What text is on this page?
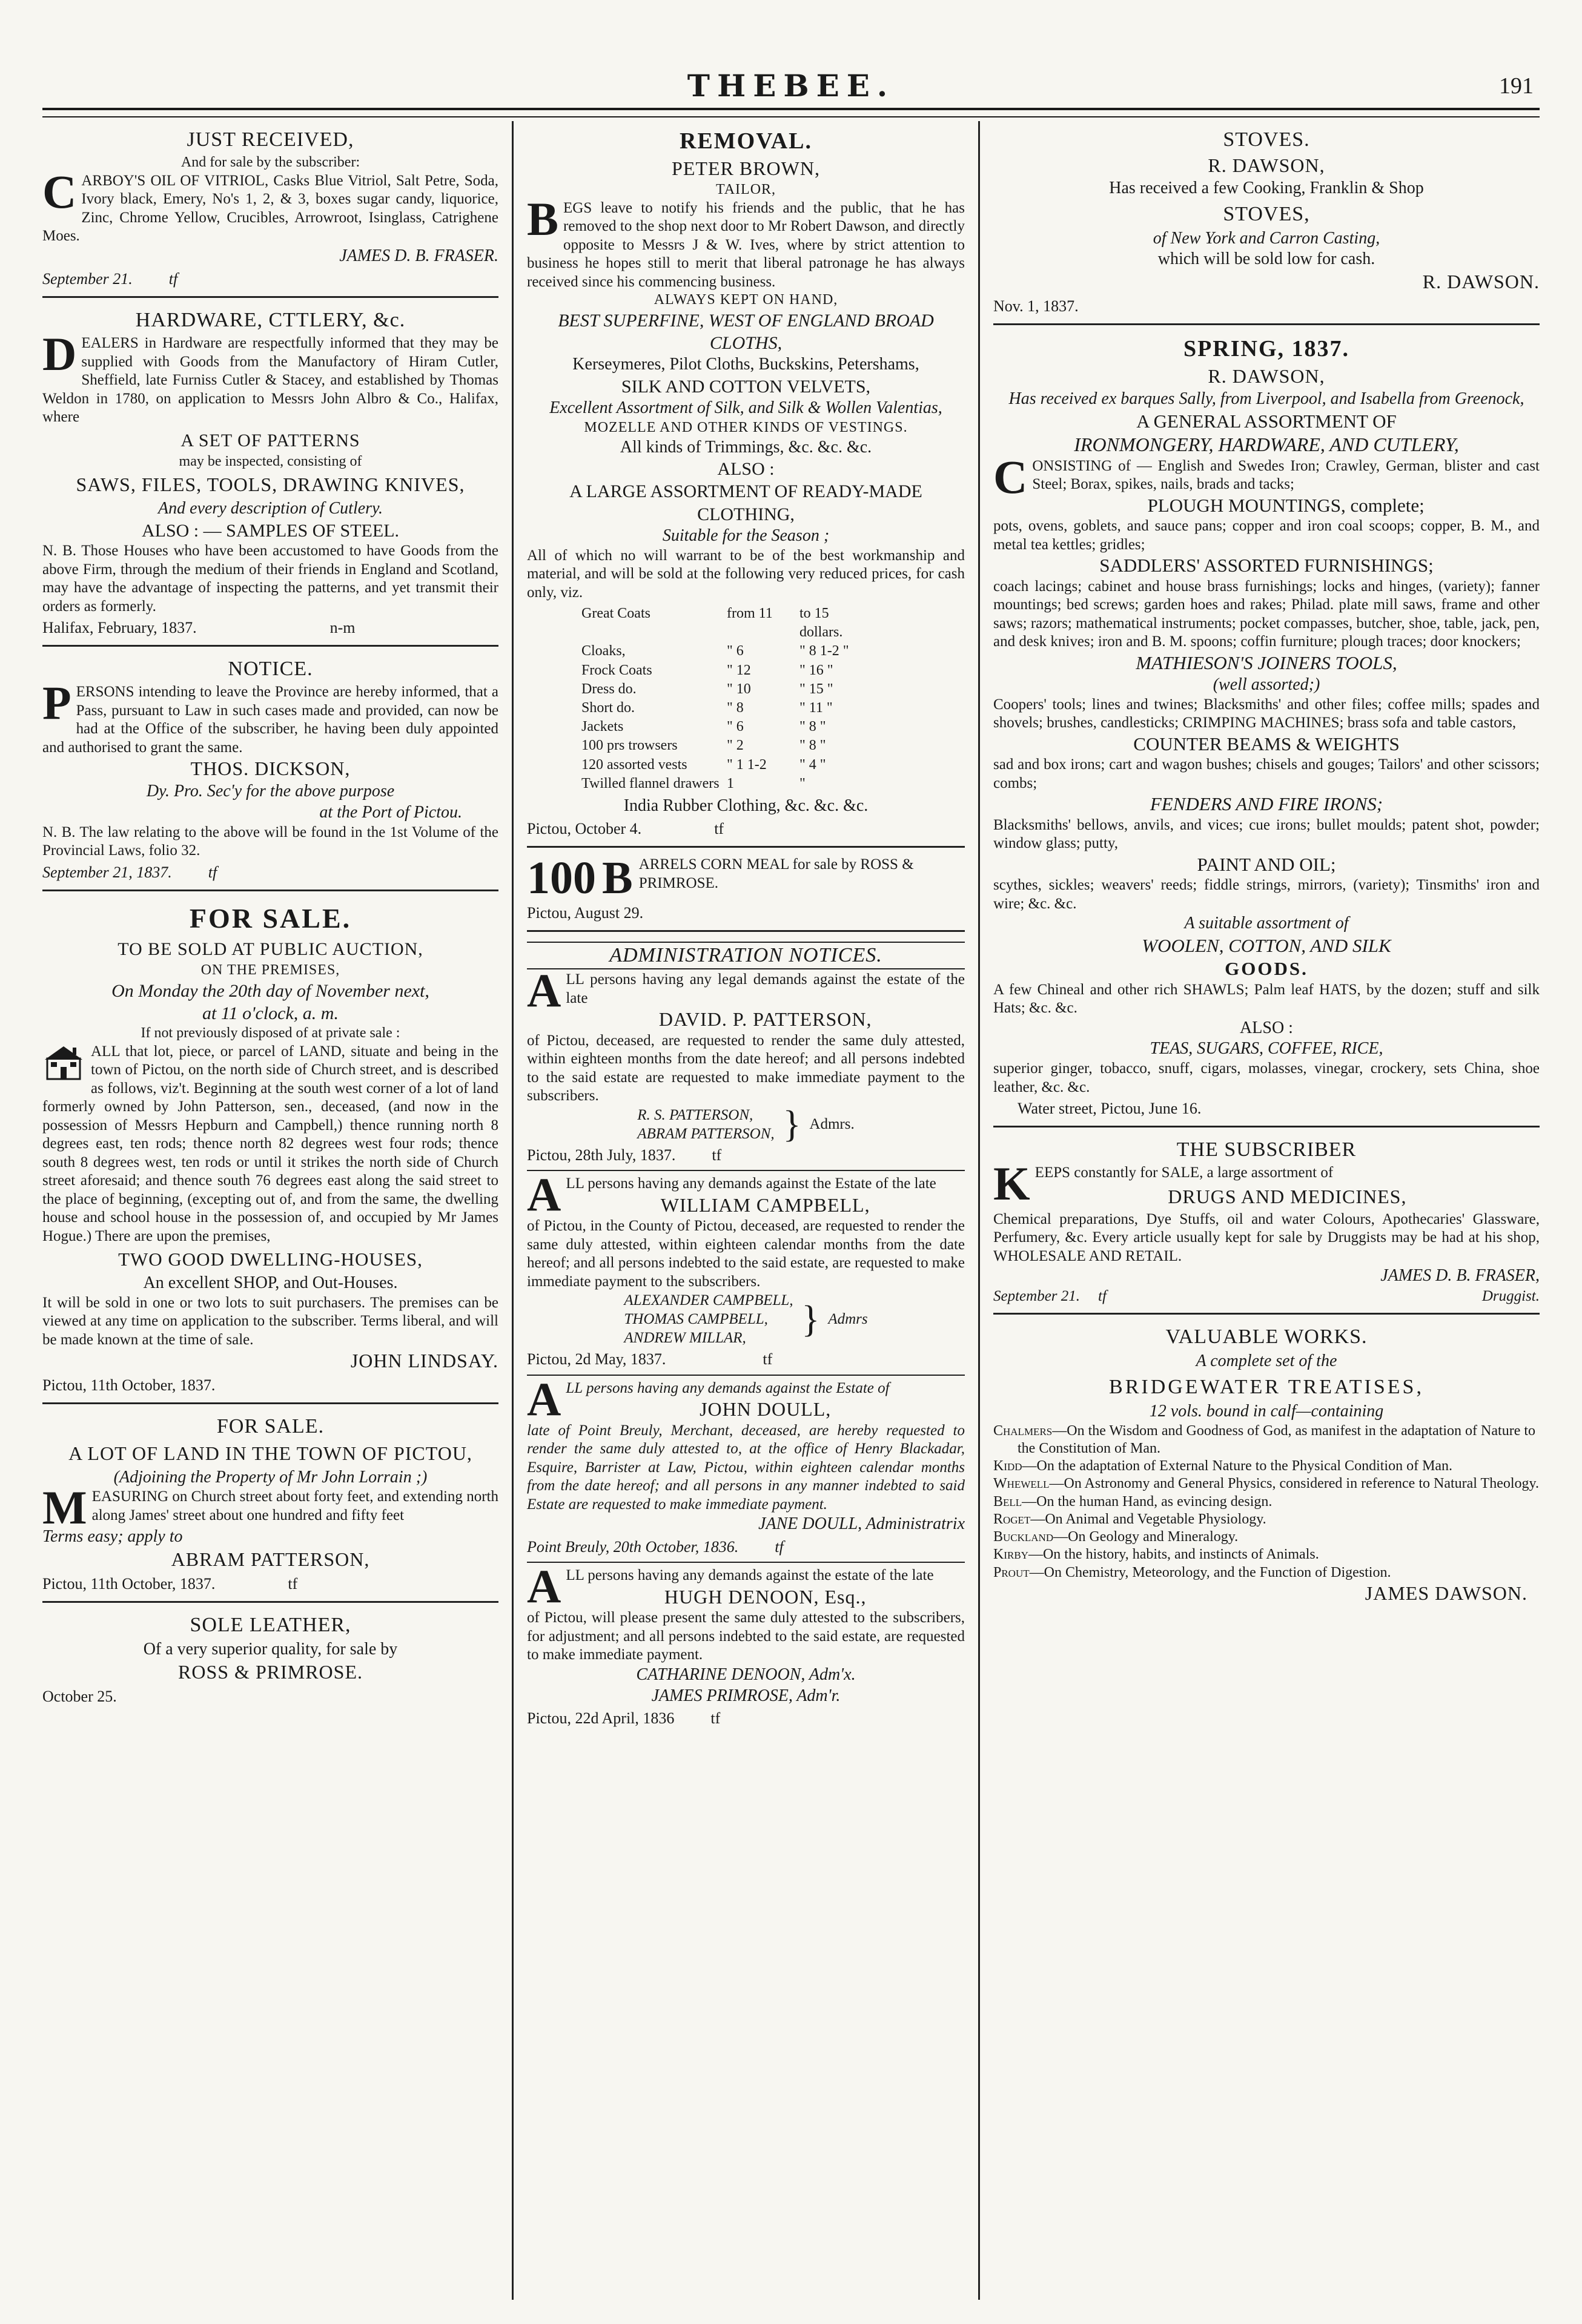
THEBEE.	191
JUST RECEIVED,
And for sale by the subscriber:
CARBOY'S OIL OF VITRIOL, Casks Blue Vitriol, Salt Petre, Soda, Ivory black, Emery, No's 1, 2, & 3, boxes sugar candy, liquorice, Zinc, Chrome Yellow, Crucibles, Arrowroot, Isinglass, Catrighene Moes.
JAMES D. B. FRASER.
September 21. tf
HARDWARE, CTTLERY, &c.
DEALERS in Hardware are respectfully informed that they may be supplied with Goods from the Manufactory of Hiram Cutler, Sheffield, late Furniss Cutler & Stacey, and established by Thomas Weldon in 1780, on application to Messrs John Albro & Co., Halifax, where
A SET OF PATTERNS
may be inspected, consisting of
SAWS, FILES, TOOLS, DRAWING KNIVES,
And every description of Cutlery.
ALSO : — SAMPLES OF STEEL.
N. B. Those Houses who have been accustomed to have Goods from the above Firm, through the medium of their friends in England and Scotland, may have the advantage of inspecting the patterns, and yet transmit their orders as formerly.
Halifax, February, 1837.	n-m
NOTICE.
PERSONS intending to leave the Province are hereby informed, that a Pass, pursuant to Law in such cases made and provided, can now be had at the Office of the subscriber, he having been duly appointed and authorised to grant the same.
THOS. DICKSON,
Dy. Pro. Sec'y for the above purpose
at the Port of Pictou.
N. B. The law relating to the above will be found in the 1st Volume of the Provincial Laws, folio 32.
September 21, 1837. tf
FOR SALE.
TO BE SOLD AT PUBLIC AUCTION,
ON THE PREMISES,
On Monday the 20th day of November next,
at 11 o'clock, a. m.
If not previously disposed of at private sale :
ALL that lot, piece, or parcel of LAND, situate and being in the town of Pictou, on the north side of Church street, and is described as follows, viz't. Beginning at the south west corner of a lot of land formerly owned by John Patterson, sen., deceased, (and now in the possession of Messrs Hepburn and Campbell,) thence running north 8 degrees east, ten rods; thence north 82 degrees west four rods; thence south 8 degrees west, ten rods or until it strikes the north side of Church street aforesaid; and thence south 76 degrees east along the said street to the place of beginning, (excepting out of, and from the same, the dwelling house and school house in the possession of, and occupied by Mr James Hogue.) There are upon the premises,
TWO GOOD DWELLING-HOUSES,
An excellent SHOP, and Out-Houses.
It will be sold in one or two lots to suit purchasers. The premises can be viewed at any time on application to the subscriber. Terms liberal, and will be made known at the time of sale.
JOHN LINDSAY.
Pictou, 11th October, 1837.
FOR SALE.
A LOT OF LAND IN THE TOWN OF PICTOU,
(Adjoining the Property of Mr John Lorrain ;)
MEASURING on Church street about forty feet, and extending north along James' street about one hundred and fifty feet
Terms easy; apply to
ABRAM PATTERSON,
Pictou, 11th October, 1837.	tf
SOLE LEATHER,
Of a very superior quality, for sale by
ROSS & PRIMROSE.
October 25.
REMOVAL.
PETER BROWN,
TAILOR,
BEGS leave to notify his friends and the public, that he has removed to the shop next door to Mr Robert Dawson, and directly opposite to Messrs J & W. Ives, where by strict attention to business he hopes still to merit that liberal patronage he has always received since his commencing business.
ALWAYS KEPT ON HAND,
BEST SUPERFINE, WEST OF ENGLAND BROAD CLOTHS,
Kerseymeres, Pilot Cloths, Buckskins, Petershams,
SILK AND COTTON VELVETS,
Excellent Assortment of Silk, and Silk & Wollen Valentias,
MOZELLE AND OTHER KINDS OF VESTINGS.
All kinds of Trimmings, &c. &c. &c.
ALSO :
A LARGE ASSORTMENT OF READY-MADE CLOTHING,
Suitable for the Season ;
All of which no will warrant to be of the best workmanship and material, and will be sold at the following very reduced prices, for cash only, viz.
Great Coats	from 11	to 15 dollars.
Cloaks,	" 6	" 8 1-2 "
Frock Coats	" 12	" 16 "
Dress do.	" 10	" 15 "
Short do.	" 8	" 11 "
Jackets	" 6	" 8 "
100 prs trowsers	" 2	" 8 "
120 assorted vests	" 1 1-2	" 4 "
Twilled flannel drawers 1	"
India Rubber Clothing, &c. &c. &c.
Pictou, October 4.	tf
100 B ARRELS CORN MEAL for sale by ROSS & PRIMROSE.
Pictou, August 29.
ADMINISTRATION NOTICES.
ALL persons having any legal demands against the estate of the late
DAVID. P. PATTERSON,
of Pictou, deceased, are requested to render the same duly attested, within eighteen months from the date hereof; and all persons indebted to the said estate are requested to make immediate payment to the subscribers.
R. S. PATTERSON,
ABRAM PATTERSON, } Admrs.
Pictou, 28th July, 1837. tf
ALL persons having any demands against the Estate of the late
WILLIAM CAMPBELL,
of Pictou, in the County of Pictou, deceased, are requested to render the same duly attested, within eighteen calendar months from the date hereof; and all persons indebted to the said estate, are requested to make immediate payment to the subscribers.
ALEXANDER CAMPBELL,
THOMAS CAMPBELL,
ANDREW MILLAR,	} Admrs
Pictou, 2d May, 1837.	tf
ALL persons having any demands against the Estate of
JOHN DOULL,
late of Point Breuly, Merchant, deceased, are hereby requested to render the same duly attested to, at the office of Henry Blackadar, Esquire, Barrister at Law, Pictou, within eighteen calendar months from the date hereof; and all persons in any manner indebted to said Estate are requested to make immediate payment.
JANE DOULL, Administratrix
Point Breuly, 20th October, 1836. tf
ALL persons having any demands against the estate of the late
HUGH DENOON, Esq.,
of Pictou, will please present the same duly attested to the subscribers, for adjustment; and all persons indebted to the said estate, are requested to make immediate payment.
CATHARINE DENOON, Adm'x.
JAMES PRIMROSE, Adm'r.
Pictou, 22d April, 1836 tf
STOVES.
R. DAWSON,
Has received a few Cooking, Franklin & Shop
STOVES,
of New York and Carron Casting,
which will be sold low for cash.
R. DAWSON.
Nov. 1, 1837.
SPRING, 1837.
R. DAWSON,
Has received ex barques Sally, from Liverpool, and Isabella from Greenock,
A GENERAL ASSORTMENT OF
IRONMONGERY, HARDWARE, AND CUTLERY,
CONSISTING of — English and Swedes Iron; Crawley, German, blister and cast Steel; Borax, spikes, nails, brads and tacks;
PLOUGH MOUNTINGS, complete;
pots, ovens, goblets, and sauce pans; copper and iron coal scoops; copper, B. M., and metal tea kettles; gridles;
SADDLERS' ASSORTED FURNISHINGS;
coach lacings; cabinet and house brass furnishings; locks and hinges, (variety); fanner mountings; bed screws; garden hoes and rakes; Philad. plate mill saws, frame and other saws; razors; mathematical instruments; pocket compasses, butcher, shoe, table, jack, pen, and desk knives; iron and B. M. spoons; coffin furniture; plough traces; door knockers;
MATHIESON'S JOINERS TOOLS,
(well assorted;)
Coopers' tools; lines and twines; Blacksmiths' and other files; coffee mills; spades and shovels; brushes, candlesticks; CRIMPING MACHINES; brass sofa and table castors,
COUNTER BEAMS & WEIGHTS
sad and box irons; cart and wagon bushes; chisels and gouges; Tailors' and other scissors; combs;
FENDERS AND FIRE IRONS;
Blacksmiths' bellows, anvils, and vices; cue irons; bullet moulds; patent shot, powder; window glass; putty,
PAINT AND OIL;
scythes, sickles; weavers' reeds; fiddle strings, mirrors, (variety); Tinsmiths' iron and wire; &c. &c.
A suitable assortment of
WOOLEN, COTTON, AND SILK
GOODS.
A few Chineal and other rich SHAWLS; Palm leaf HATS, by the dozen; stuff and silk Hats; &c. &c.
ALSO :
TEAS, SUGARS, COFFEE, RICE,
superior ginger, tobacco, snuff, cigars, molasses, vinegar, crockery, sets China, shoe leather, &c. &c.
Water street, Pictou, June 16.
THE SUBSCRIBER
KEEPS constantly for SALE, a large assortment of
DRUGS AND MEDICINES,
Chemical preparations, Dye Stuffs, oil and water Colours, Apothecaries' Glassware, Perfumery, &c. Every article usually kept for sale by Druggists may be had at his shop, WHOLESALE AND RETAIL.
JAMES D. B. FRASER,
September 21. tf	Druggist.
VALUABLE WORKS.
A complete set of the
BRIDGEWATER TREATISES,
12 vols. bound in calf—containing
Chalmers—On the Wisdom and Goodness of God, as manifest in the adaptation of Nature to the Constitution of Man.
Kidd—On the adaptation of External Nature to the Physical Condition of Man.
Whewell—On Astronomy and General Physics, considered in reference to Natural Theology.
Bell—On the human Hand, as evincing design.
Roget—On Animal and Vegetable Physiology.
Buckland—On Geology and Mineralogy.
Kirby—On the history, habits, and instincts of Animals.
Prout—On Chemistry, Meteorology, and the Function of Digestion.
JAMES DAWSON.
